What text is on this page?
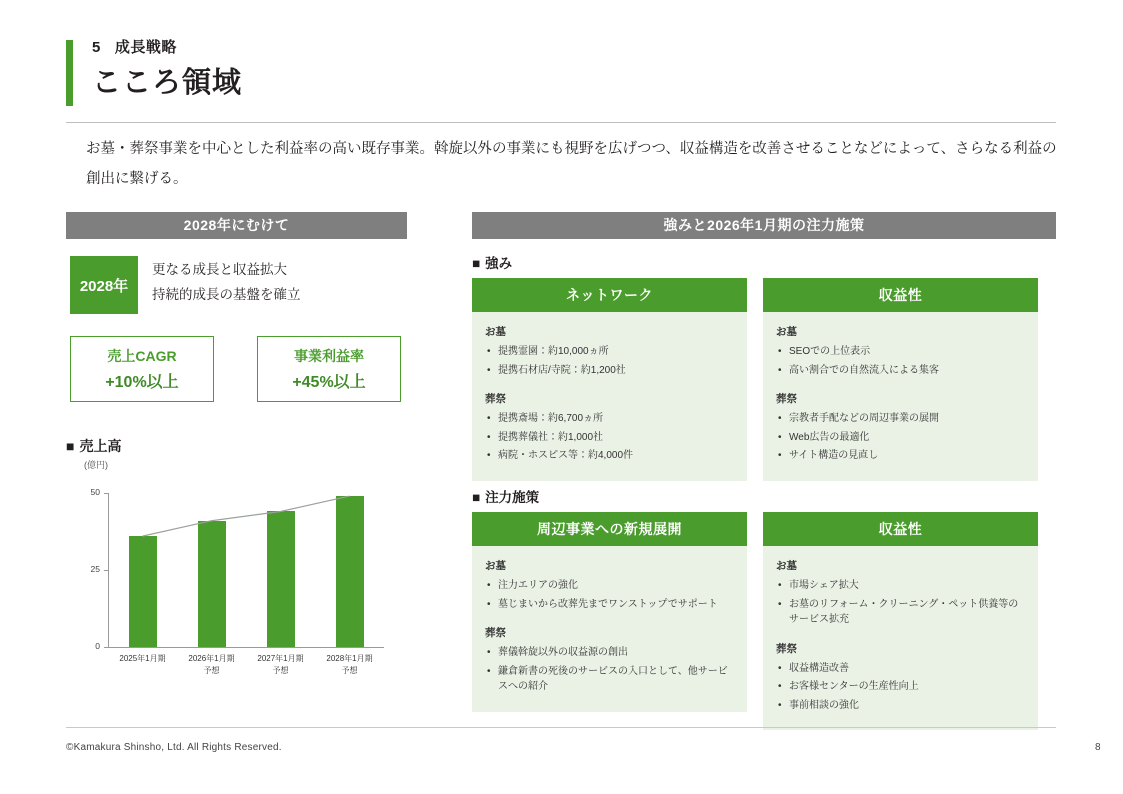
5 成長戦略
こころ領域
お墓・葬祭事業を中心とした利益率の高い既存事業。斡旋以外の事業にも視野を広げつつ、収益構造を改善させることなどによって、さらなる利益の創出に繋げる。
2028年にむけて
2028年
更なる成長と収益拡大
持続的成長の基盤を確立
売上CAGR
+10%以上
事業利益率
+45%以上
■ 売上高
(億円)
0
25
50
2025年1月期	2026年1月期
予想
2027年1月期
予想
2028年1月期
予想
強みと2026年1月期の注力施策
■ 強み
ネットワーク
お墓
• 提携霊園：約10,000ヵ所
• 提携石材店/寺院：約1,200社
葬祭
• 提携斎場：約6,700ヵ所
• 提携葬儀社：約1,000社
• 病院・ホスピス等：約4,000件
収益性
お墓
• SEOでの上位表示
• 高い割合での自然流入による集客
葬祭
• 宗教者手配などの周辺事業の展開
• Web広告の最適化
• サイト構造の見直し
■ 注力施策
周辺事業への新規展開
お墓
• 注力エリアの強化
• 墓じまいから改葬先までワンストップでサポート
葬祭
• 葬儀斡旋以外の収益源の創出
• 鎌倉新書の死後のサービスの入口として、他サービスへの紹介
収益性
お墓
• 市場シェア拡大
• お墓のリフォーム・クリーニング・ペット供養等のサービス拡充
葬祭
• 収益構造改善
• お客様センターの生産性向上
• 事前相談の強化
©Kamakura Shinsho, Ltd. All Rights Reserved.	8
